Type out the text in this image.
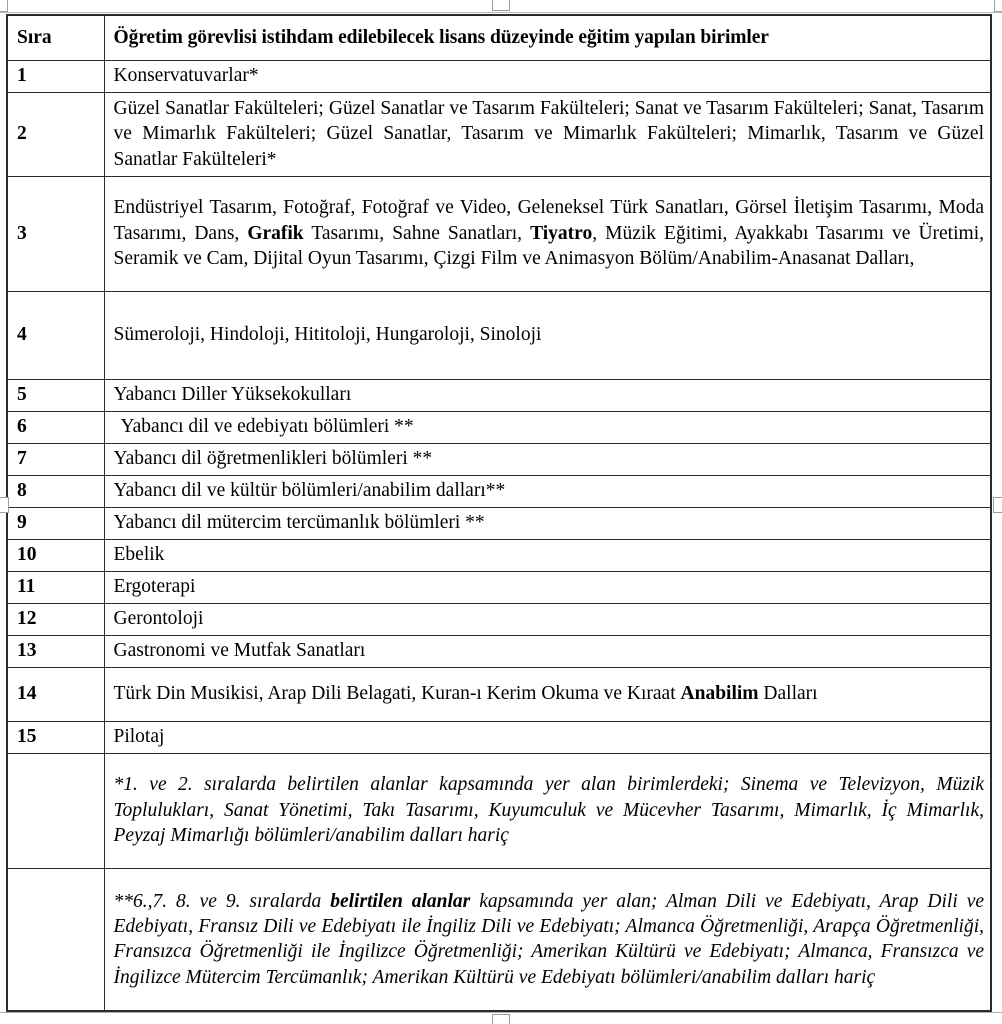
Sıra	Öğretim görevlisi istihdam edilebilecek lisans düzeyinde eğitim yapılan birimler
1	Konservatuvarlar*
2	Güzel Sanatlar Fakülteleri; Güzel Sanatlar ve Tasarım Fakülteleri; Sanat ve Tasarım Fakülteleri; Sanat, Tasarım ve Mimarlık Fakülteleri; Güzel Sanatlar, Tasarım ve Mimarlık Fakülteleri; Mimarlık, Tasarım ve Güzel Sanatlar Fakülteleri*
3	Endüstriyel Tasarım, Fotoğraf, Fotoğraf ve Video, Geleneksel Türk Sanatları, Görsel İletişim Tasarımı, Moda Tasarımı, Dans, Grafik Tasarımı, Sahne Sanatları, Tiyatro, Müzik Eğitimi, Ayakkabı Tasarımı ve Üretimi, Seramik ve Cam, Dijital Oyun Tasarımı, Çizgi Film ve Animasyon Bölüm/Anabilim-Anasanat Dalları,
4	Sümeroloji, Hindoloji, Hititoloji, Hungaroloji, Sinoloji
5	Yabancı Diller Yüksekokulları
6	Yabancı dil ve edebiyatı bölümleri **
7	Yabancı dil öğretmenlikleri bölümleri **
8	Yabancı dil ve kültür bölümleri/anabilim dalları**
9	Yabancı dil mütercim tercümanlık bölümleri **
10	Ebelik
11	Ergoterapi
12	Gerontoloji
13	Gastronomi ve Mutfak Sanatları
14	Türk Din Musikisi, Arap Dili Belagati, Kuran-ı Kerim Okuma ve Kıraat Anabilim Dalları
15	Pilotaj
	*1. ve 2. sıralarda belirtilen alanlar kapsamında yer alan birimlerdeki; Sinema ve Televizyon, Müzik Toplulukları, Sanat Yönetimi, Takı Tasarımı, Kuyumculuk ve Mücevher Tasarımı, Mimarlık, İç Mimarlık, Peyzaj Mimarlığı bölümleri/anabilim dalları hariç
	**6.,7. 8. ve 9. sıralarda belirtilen alanlar kapsamında yer alan; Alman Dili ve Edebiyatı, Arap Dili ve Edebiyatı, Fransız Dili ve Edebiyatı ile İngiliz Dili ve Edebiyatı; Almanca Öğretmenliği, Arapça Öğretmenliği, Fransızca Öğretmenliği ile İngilizce Öğretmenliği; Amerikan Kültürü ve Edebiyatı; Almanca, Fransızca ve İngilizce Mütercim Tercümanlık; Amerikan Kültürü ve Edebiyatı bölümleri/anabilim dalları hariç
